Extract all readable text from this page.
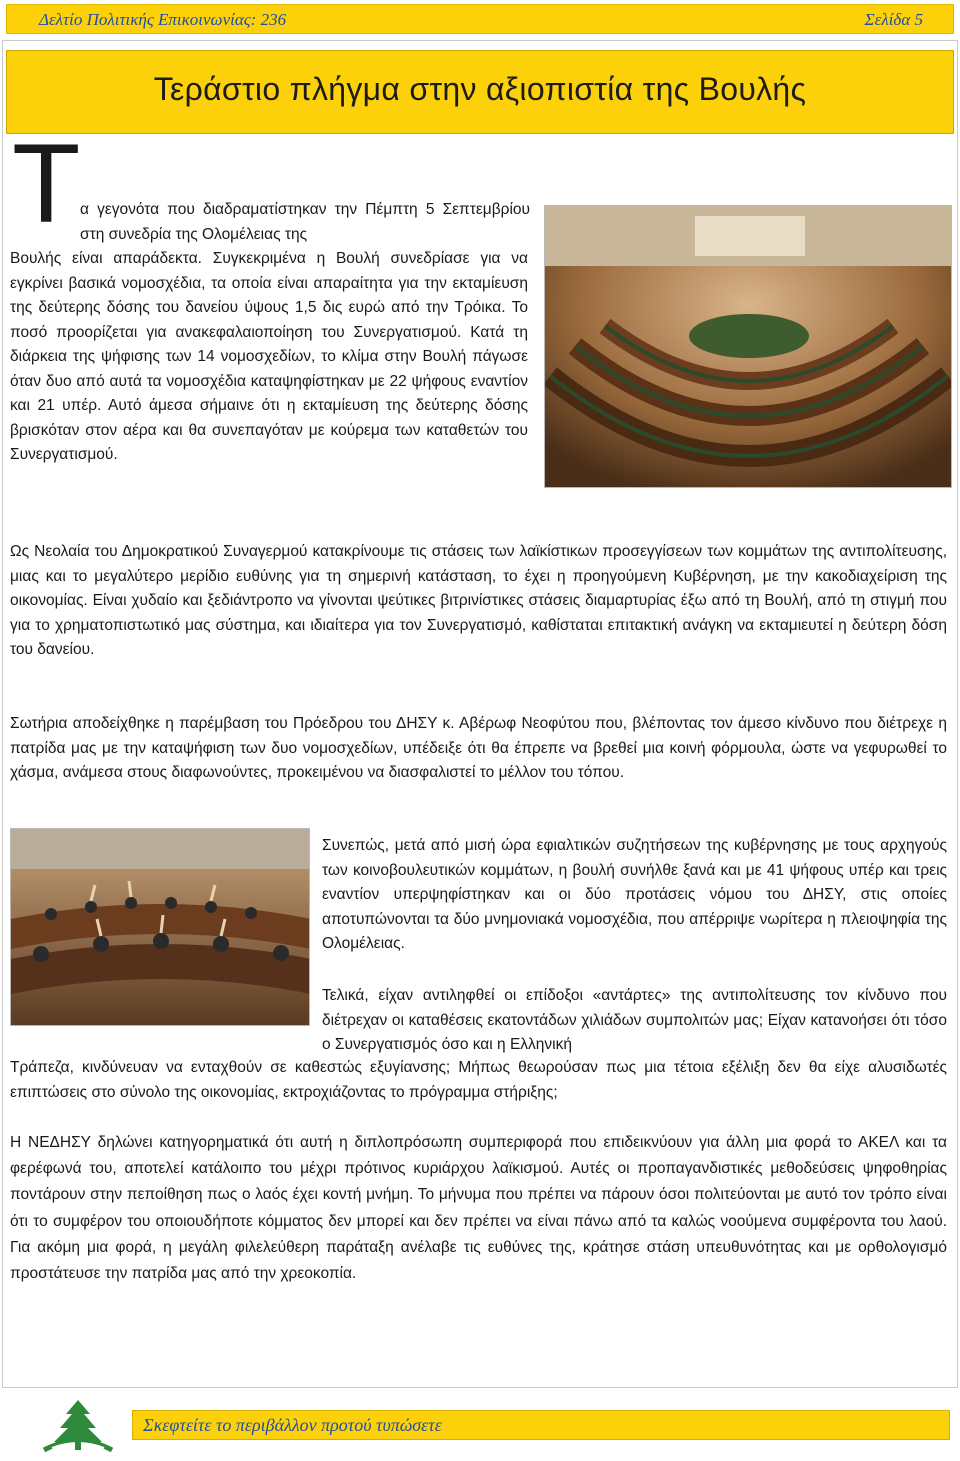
Δελτίο Πολιτικής Επικοινωνίας: 236	Σελίδα 5
Τεράστιο πλήγμα στην αξιοπιστία της Βουλής
Τ α γεγονότα που διαδραματίστηκαν την Πέμπτη 5 Σεπτεμβρίου στη συνεδρία της Ολομέλειας της

Βουλής είναι απαράδεκτα. Συγκεκριμένα η Βουλή συνεδρίασε για να εγκρίνει βασικά νομοσχέδια, τα οποία είναι απαραίτητα για την εκταμίευση της δεύτερης δόσης του δανείου ύψους 1,5 δις ευρώ από την Τρόικα. Το ποσό προορίζεται για ανακεφαλαιοποίηση του Συνεργατισμού. Κατά τη διάρκεια της ψήφισης των 14 νομοσχεδίων, το κλίμα στην Βουλή πάγωσε όταν δυο από αυτά τα νομοσχέδια καταψηφίστηκαν με 22 ψήφους εναντίον και 21 υπέρ. Αυτό άμεσα σήμαινε ότι η εκταμίευση της δεύτερης δόσης βρισκόταν στον αέρα και θα συνεπαγόταν με κούρεμα των καταθετών του Συνεργατισμού.

Ως Νεολαία του Δημοκρατικού Συναγερμού κατακρίνουμε τις στάσεις των λαϊκίστικων προσεγγίσεων των κομμάτων της αντιπολίτευσης, μιας και το μεγαλύτερο μερίδιο ευθύνης για τη σημερινή κατάσταση, το έχει η προηγούμενη Κυβέρνηση, με την κακοδιαχείριση της οικονομίας. Είναι χυδαίο και ξεδιάντροπο να γίνονται ψεύτικες βιτρινίστικες στάσεις διαμαρτυρίας έξω από τη Βουλή, από τη στιγμή που για το χρηματοπιστωτικό μας σύστημα, και ιδιαίτερα για τον Συνεργατισμό, καθίσταται επιτακτική ανάγκη να εκταμιευτεί η δεύτερη δόση του δανείου.

Σωτήρια αποδείχθηκε η παρέμβαση του Πρόεδρου του ΔΗΣΥ κ. Αβέρωφ Νεοφύτου που, βλέποντας τον άμεσο κίνδυνο που διέτρεχε η πατρίδα μας με την καταψήφιση των δυο νομοσχεδίων, υπέδειξε ότι θα έπρεπε να βρεθεί μια κοινή φόρμουλα, ώστε να γεφυρωθεί το χάσμα, ανάμεσα στους διαφωνούντες, προκειμένου να διασφαλιστεί το μέλλον του τόπου.

Συνεπώς, μετά από μισή ώρα εφιαλτικών συζητήσεων της κυβέρνησης με τους αρχηγούς των κοινοβουλευτικών κομμάτων, η βουλή συνήλθε ξανά και με 41 ψήφους υπέρ και τρεις εναντίον υπερψηφίστηκαν και οι δύο προτάσεις νόμου του ΔΗΣΥ, στις οποίες αποτυπώνονται τα δύο μνημονιακά νομοσχέδια, που απέρριψε νωρίτερα η πλειοψηφία της Ολομέλειας.

Τελικά, είχαν αντιληφθεί οι επίδοξοι «αντάρτες» της αντιπολίτευσης τον κίνδυνο που διέτρεχαν οι καταθέσεις εκατοντάδων χιλιάδων συμπολιτών μας; Είχαν κατανοήσει ότι τόσο ο Συνεργατισμός όσο και η Ελληνική

Τράπεζα, κινδύνευαν να ενταχθούν σε καθεστώς εξυγίανσης; Μήπως θεωρούσαν πως μια τέτοια εξέλιξη δεν θα είχε αλυσιδωτές επιπτώσεις στο σύνολο της οικονομίας, εκτροχιάζοντας το πρόγραμμα στήριξης;

Η ΝΕΔΗΣΥ δηλώνει κατηγορηματικά ότι αυτή η διπλοπρόσωπη συμπεριφορά που επιδεικνύουν για άλλη μια φορά το ΑΚΕΛ και τα φερέφωνά του, αποτελεί κατάλοιπο του μέχρι πρότινος κυριάρχου λαϊκισμού. Αυτές οι προπαγανδιστικές μεθοδεύσεις ψηφοθηρίας ποντάρουν στην πεποίθηση πως ο λαός έχει κοντή μνήμη. Το μήνυμα που πρέπει να πάρουν όσοι πολιτεύονται με αυτό τον τρόπο είναι ότι το συμφέρον του οποιουδήποτε κόμματος δεν μπορεί και δεν πρέπει να είναι πάνω από τα καλώς νοούμενα συμφέροντα του λαού. Για ακόμη μια φορά, η μεγάλη φιλελεύθερη παράταξη ανέλαβε τις ευθύνες της, κράτησε στάση υπευθυνότητας και με ορθολογισμό προστάτευσε την πατρίδα μας από την χρεοκοπία.

Σκεφτείτε το περιβάλλον προτού τυπώσετε
